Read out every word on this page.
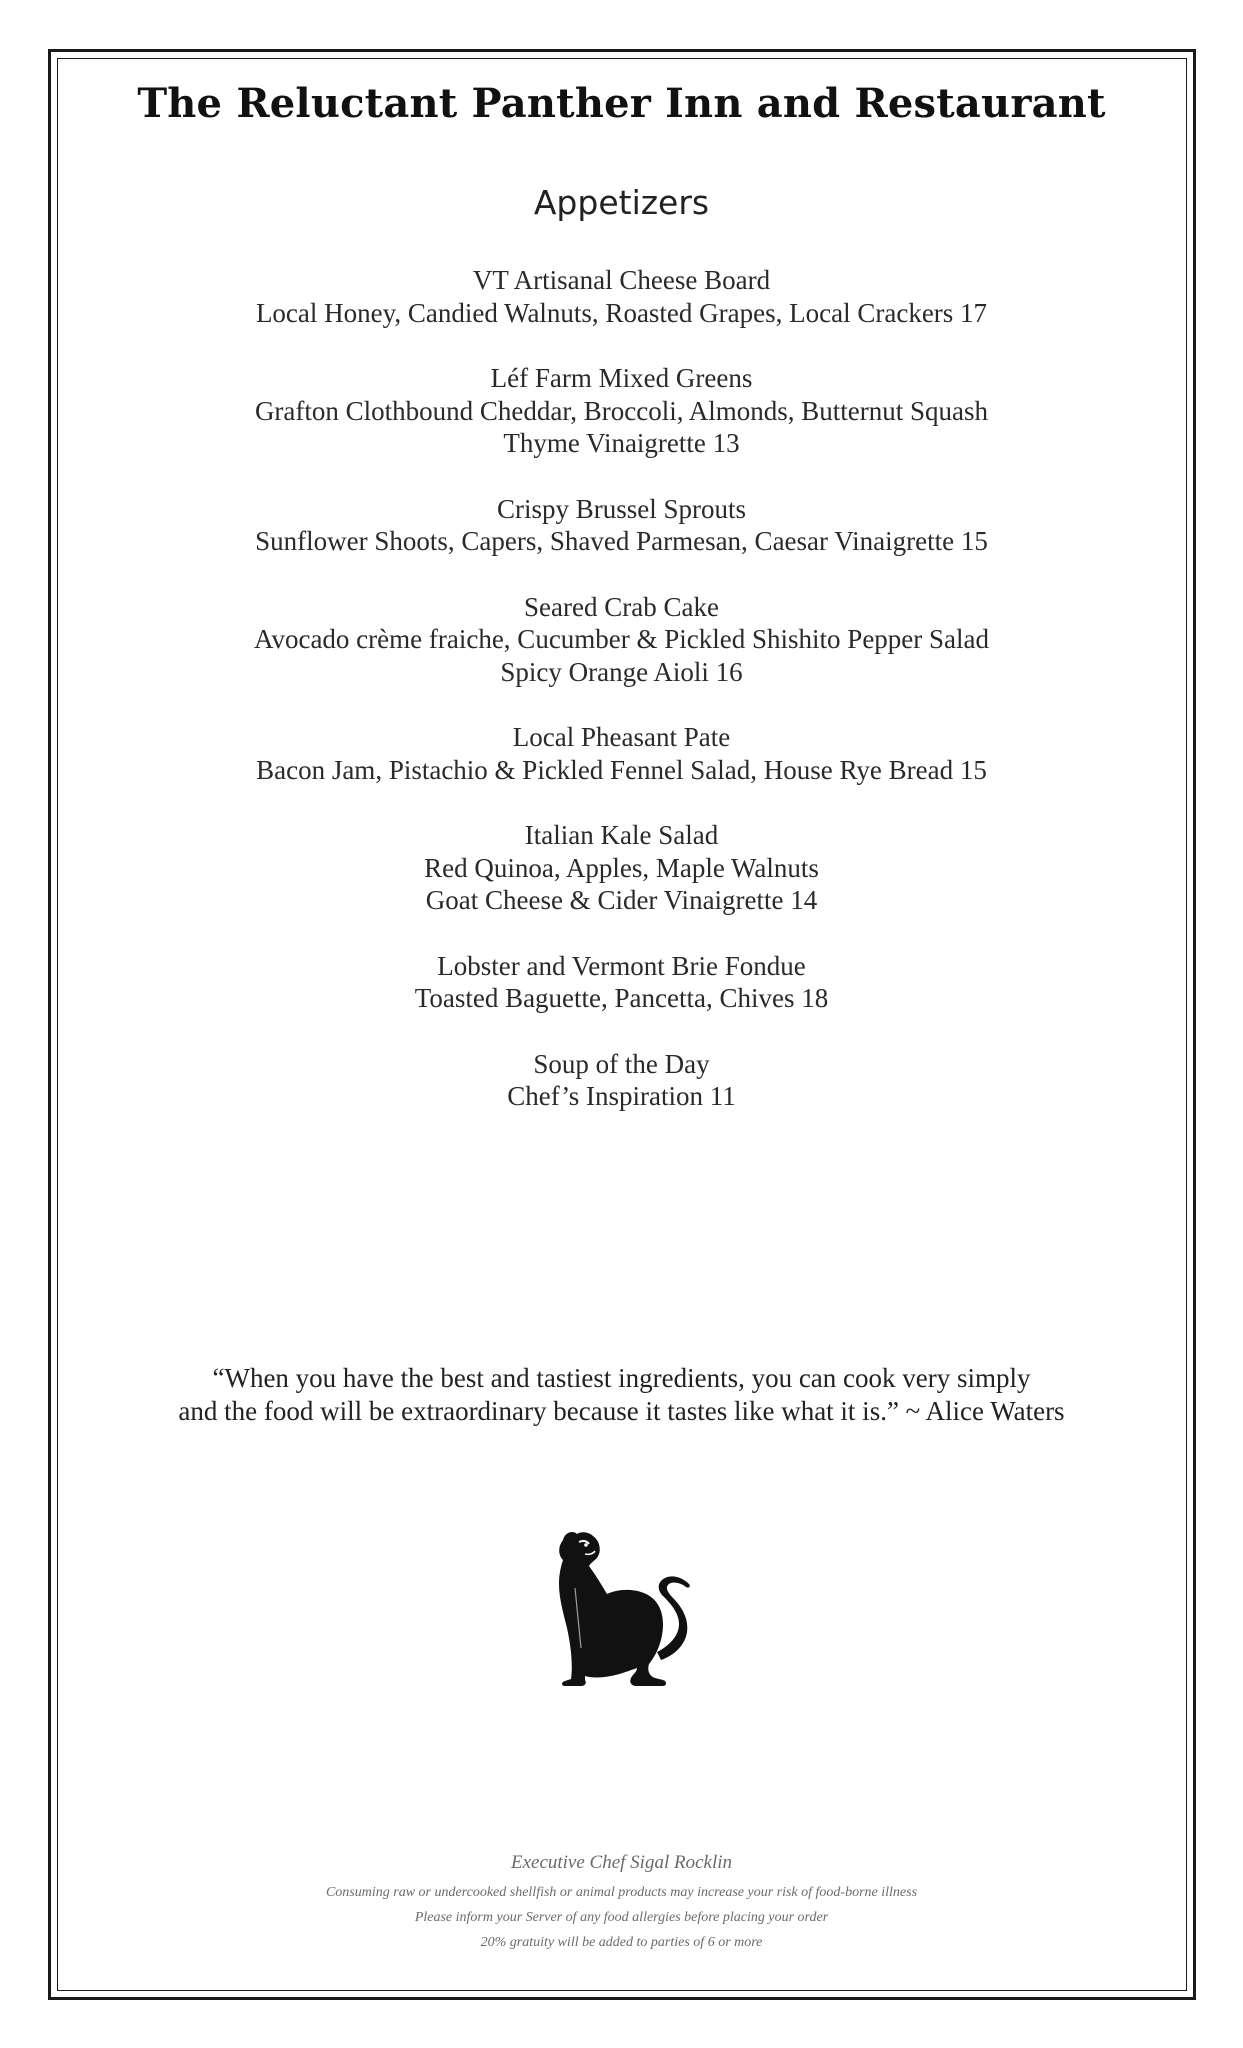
The Reluctant Panther Inn and Restaurant
Appetizers
VT Artisanal Cheese Board
Local Honey, Candied Walnuts, Roasted Grapes, Local Crackers 17
Léf Farm Mixed Greens
Grafton Clothbound Cheddar, Broccoli, Almonds, Butternut Squash
Thyme Vinaigrette 13
Crispy Brussel Sprouts
Sunflower Shoots, Capers, Shaved Parmesan, Caesar Vinaigrette 15
Seared Crab Cake
Avocado crème fraiche, Cucumber & Pickled Shishito Pepper Salad
Spicy Orange Aioli 16
Local Pheasant Pate
Bacon Jam, Pistachio & Pickled Fennel Salad, House Rye Bread 15
Italian Kale Salad
Red Quinoa, Apples, Maple Walnuts
Goat Cheese & Cider Vinaigrette 14
Lobster and Vermont Brie Fondue
Toasted Baguette, Pancetta, Chives 18
Soup of the Day
Chef’s Inspiration 11
“When you have the best and tastiest ingredients, you can cook very simply
and the food will be extraordinary because it tastes like what it is.” ~ Alice Waters
Executive Chef Sigal Rocklin
Consuming raw or undercooked shellfish or animal products may increase your risk of food-borne illness
Please inform your Server of any food allergies before placing your order
20% gratuity will be added to parties of 6 or more
